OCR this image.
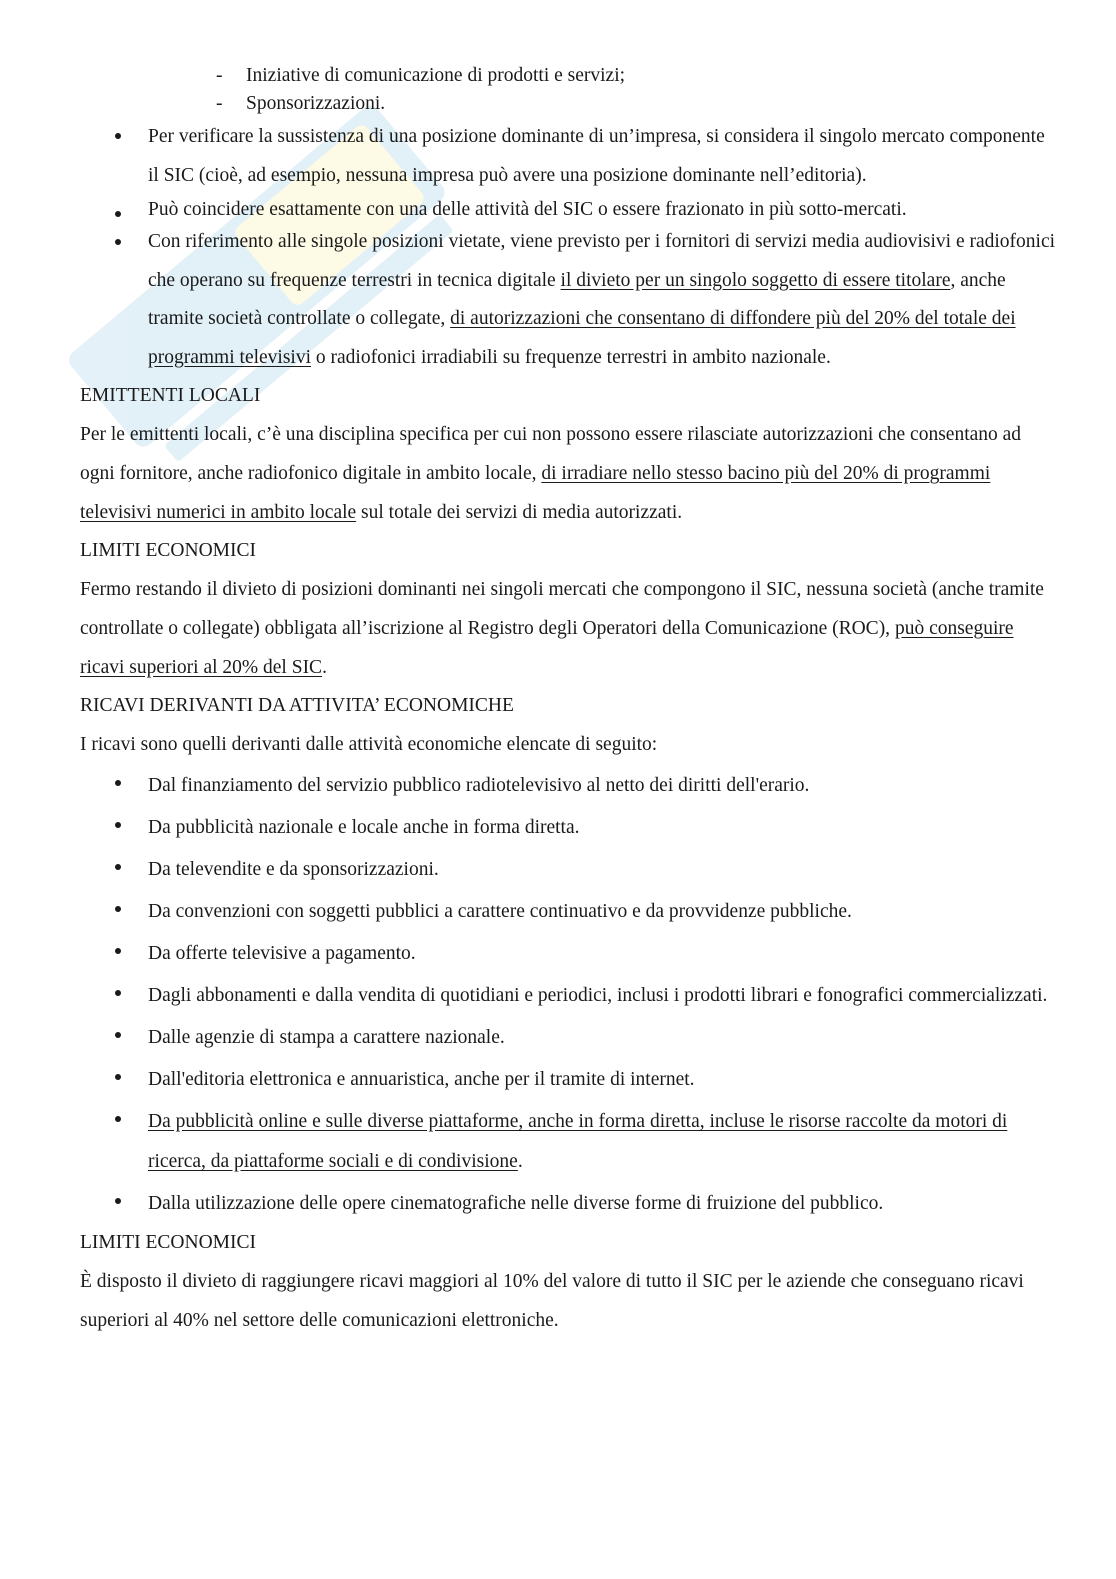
- Iniziative di comunicazione di prodotti e servizi;
- Sponsorizzazioni.
Per verificare la sussistenza di una posizione dominante di un’impresa, si considera il singolo mercato componente il SIC (cioè, ad esempio, nessuna impresa può avere una posizione dominante nell’editoria).
Può coincidere esattamente con una delle attività del SIC o essere frazionato in più sotto-mercati.
Con riferimento alle singole posizioni vietate, viene previsto per i fornitori di servizi media audiovisivi e radiofonici che operano su frequenze terrestri in tecnica digitale il divieto per un singolo soggetto di essere titolare, anche tramite società controllate o collegate, di autorizzazioni che consentano di diffondere più del 20% del totale dei programmi televisivi o radiofonici irradiabili su frequenze terrestri in ambito nazionale.
EMITTENTI LOCALI

Per le emittenti locali, c’è una disciplina specifica per cui non possono essere rilasciate autorizzazioni che consentano ad ogni fornitore, anche radiofonico digitale in ambito locale, di irradiare nello stesso bacino più del 20% di programmi televisivi numerici in ambito locale sul totale dei servizi di media autorizzati.

LIMITI ECONOMICI

Fermo restando il divieto di posizioni dominanti nei singoli mercati che compongono il SIC, nessuna società (anche tramite controllate o collegate) obbligata all’iscrizione al Registro degli Operatori della Comunicazione (ROC), può conseguire ricavi superiori al 20% del SIC.

RICAVI DERIVANTI DA ATTIVITA’ ECONOMICHE

I ricavi sono quelli derivanti dalle attività economiche elencate di seguito:

Dal finanziamento del servizio pubblico radiotelevisivo al netto dei diritti dell'erario.
Da pubblicità nazionale e locale anche in forma diretta.
Da televendite e da sponsorizzazioni.
Da convenzioni con soggetti pubblici a carattere continuativo e da provvidenze pubbliche.
Da offerte televisive a pagamento.
Dagli abbonamenti e dalla vendita di quotidiani e periodici, inclusi i prodotti librari e fonografici commercializzati.
Dalle agenzie di stampa a carattere nazionale.
Dall'editoria elettronica e annuaristica, anche per il tramite di internet.
Da pubblicità online e sulle diverse piattaforme, anche in forma diretta, incluse le risorse raccolte da motori di ricerca, da piattaforme sociali e di condivisione.
Dalla utilizzazione delle opere cinematografiche nelle diverse forme di fruizione del pubblico.
LIMITI ECONOMICI

È disposto il divieto di raggiungere ricavi maggiori al 10% del valore di tutto il SIC per le aziende che conseguano ricavi superiori al 40% nel settore delle comunicazioni elettroniche.
